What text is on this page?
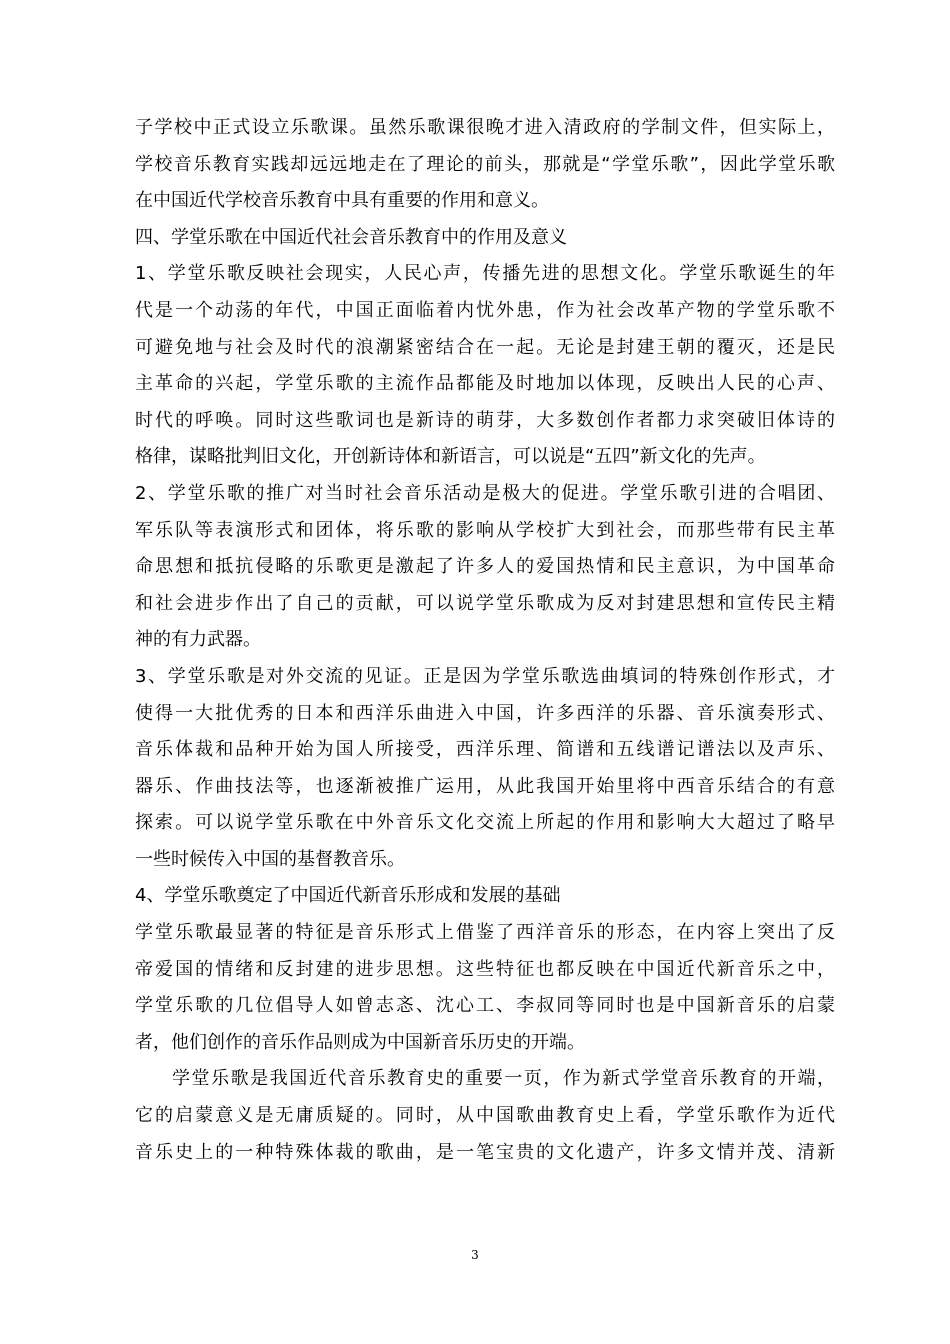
子学校中正式设立乐歌课。虽然乐歌课很晚才进入清政府的学制文件，但实际上，
学校音乐教育实践却远远地走在了理论的前头，那就是“学堂乐歌”，因此学堂乐歌
在中国近代学校音乐教育中具有重要的作用和意义。
四、学堂乐歌在中国近代社会音乐教育中的作用及意义
1、学堂乐歌反映社会现实，人民心声，传播先进的思想文化。学堂乐歌诞生的年
代是一个动荡的年代，中国正面临着内忧外患，作为社会改革产物的学堂乐歌不
可避免地与社会及时代的浪潮紧密结合在一起。无论是封建王朝的覆灭，还是民
主革命的兴起，学堂乐歌的主流作品都能及时地加以体现，反映出人民的心声、
时代的呼唤。同时这些歌词也是新诗的萌芽，大多数创作者都力求突破旧体诗的
格律，谋略批判旧文化，开创新诗体和新语言，可以说是“五四”新文化的先声。
2、学堂乐歌的推广对当时社会音乐活动是极大的促进。学堂乐歌引进的合唱团、
军乐队等表演形式和团体，将乐歌的影响从学校扩大到社会，而那些带有民主革
命思想和抵抗侵略的乐歌更是激起了许多人的爱国热情和民主意识，为中国革命
和社会进步作出了自己的贡献，可以说学堂乐歌成为反对封建思想和宣传民主精
神的有力武器。
3、学堂乐歌是对外交流的见证。正是因为学堂乐歌选曲填词的特殊创作形式，才
使得一大批优秀的日本和西洋乐曲进入中国，许多西洋的乐器、音乐演奏形式、
音乐体裁和品种开始为国人所接受，西洋乐理、简谱和五线谱记谱法以及声乐、
器乐、作曲技法等，也逐渐被推广运用，从此我国开始里将中西音乐结合的有意
探索。可以说学堂乐歌在中外音乐文化交流上所起的作用和影响大大超过了略早
一些时候传入中国的基督教音乐。
4、学堂乐歌奠定了中国近代新音乐形成和发展的基础
学堂乐歌最显著的特征是音乐形式上借鉴了西洋音乐的形态，在内容上突出了反
帝爱国的情绪和反封建的进步思想。这些特征也都反映在中国近代新音乐之中，
学堂乐歌的几位倡导人如曾志忞、沈心工、李叔同等同时也是中国新音乐的启蒙
者，他们创作的音乐作品则成为中国新音乐历史的开端。
学堂乐歌是我国近代音乐教育史的重要一页，作为新式学堂音乐教育的开端，
它的启蒙意义是无庸质疑的。同时，从中国歌曲教育史上看，学堂乐歌作为近代
音乐史上的一种特殊体裁的歌曲，是一笔宝贵的文化遗产，许多文情并茂、清新
3
